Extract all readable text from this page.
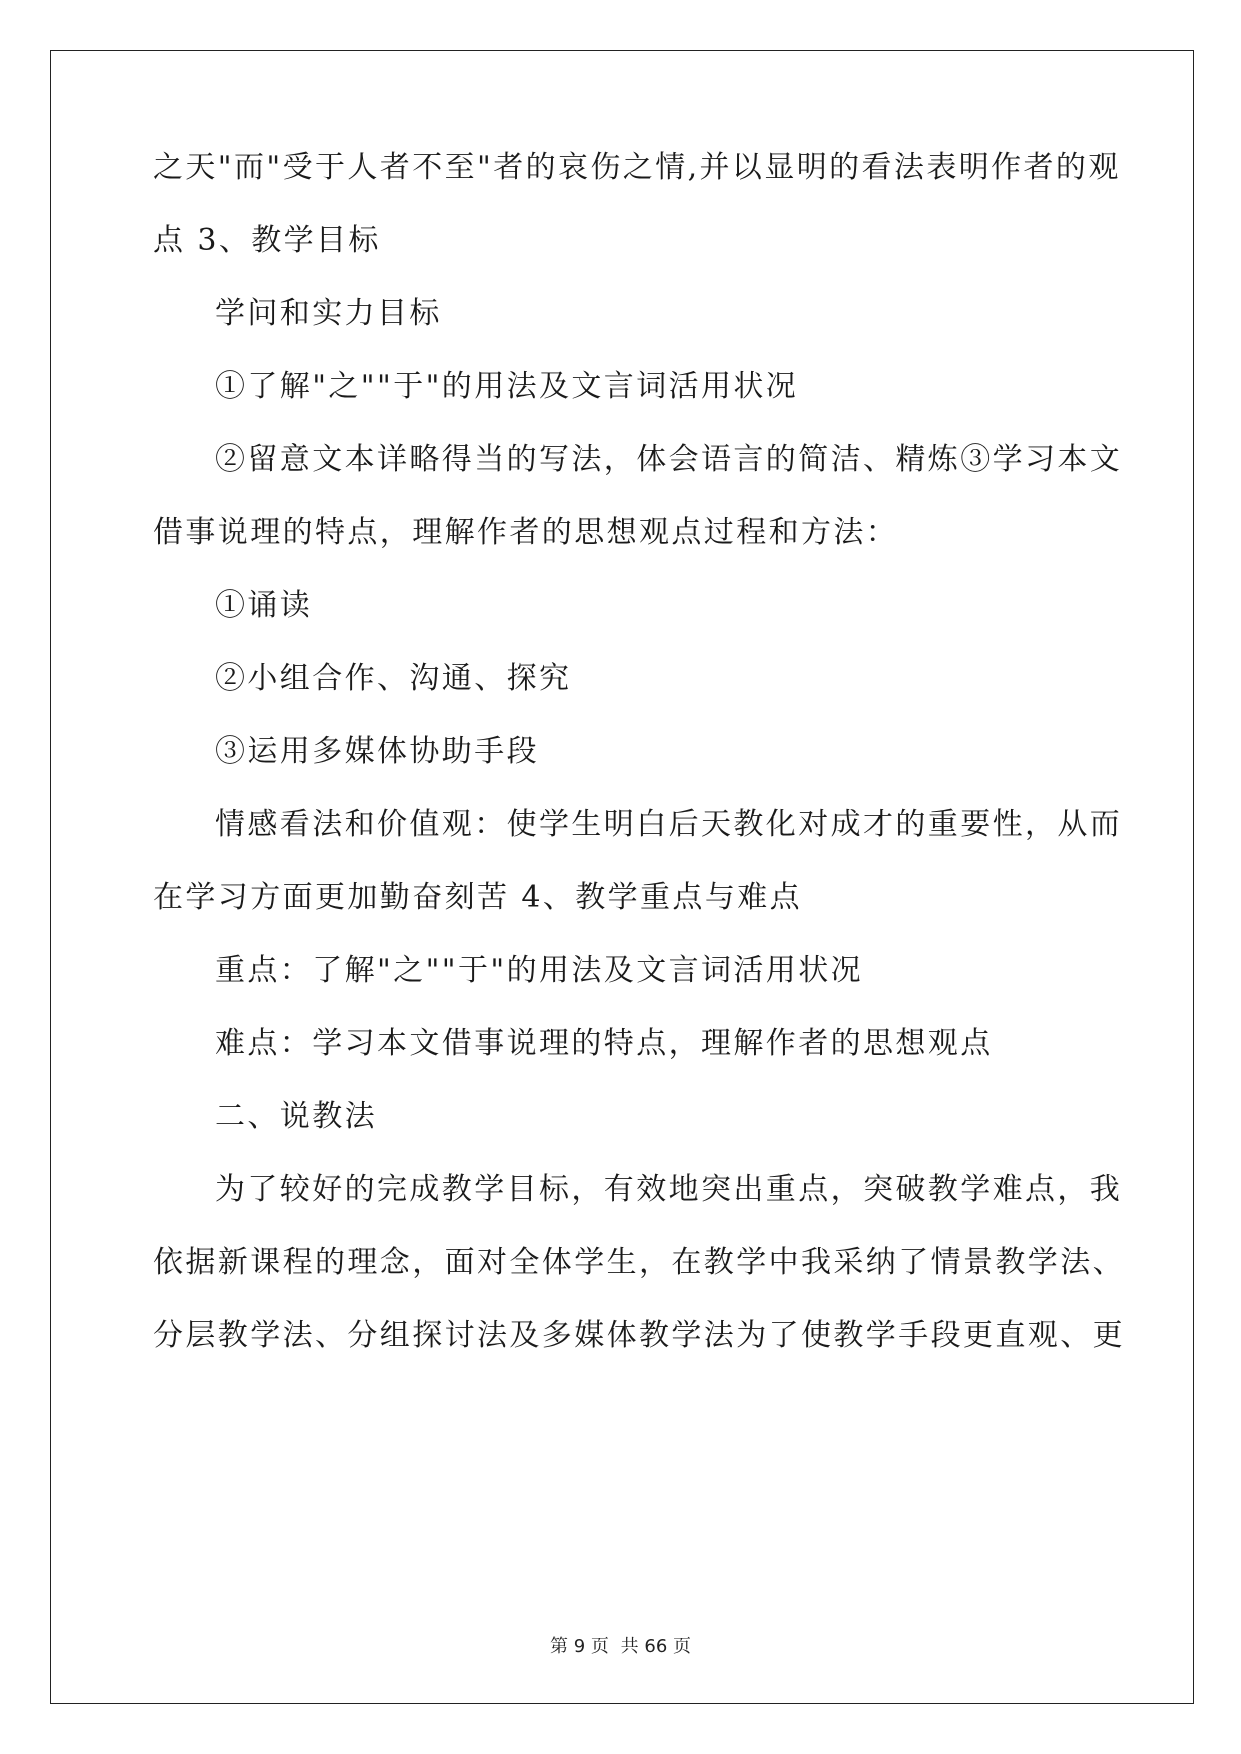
之天"而"受于人者不至"者的哀伤之情,并以显明的看法表明作者的观
点 3、教学目标
学问和实力目标
①了解"之""于"的用法及文言词活用状况
②留意文本详略得当的写法，体会语言的简洁、精炼③学习本文
借事说理的特点，理解作者的思想观点过程和方法：
①诵读
②小组合作、沟通、探究
③运用多媒体协助手段
情感看法和价值观：使学生明白后天教化对成才的重要性，从而
在学习方面更加勤奋刻苦 4、教学重点与难点
重点：了解"之""于"的用法及文言词活用状况
难点：学习本文借事说理的特点，理解作者的思想观点
二、说教法
为了较好的完成教学目标，有效地突出重点，突破教学难点，我
依据新课程的理念，面对全体学生，在教学中我采纳了情景教学法、
分层教学法、分组探讨法及多媒体教学法为了使教学手段更直观、更
第 9 页 共 66 页
